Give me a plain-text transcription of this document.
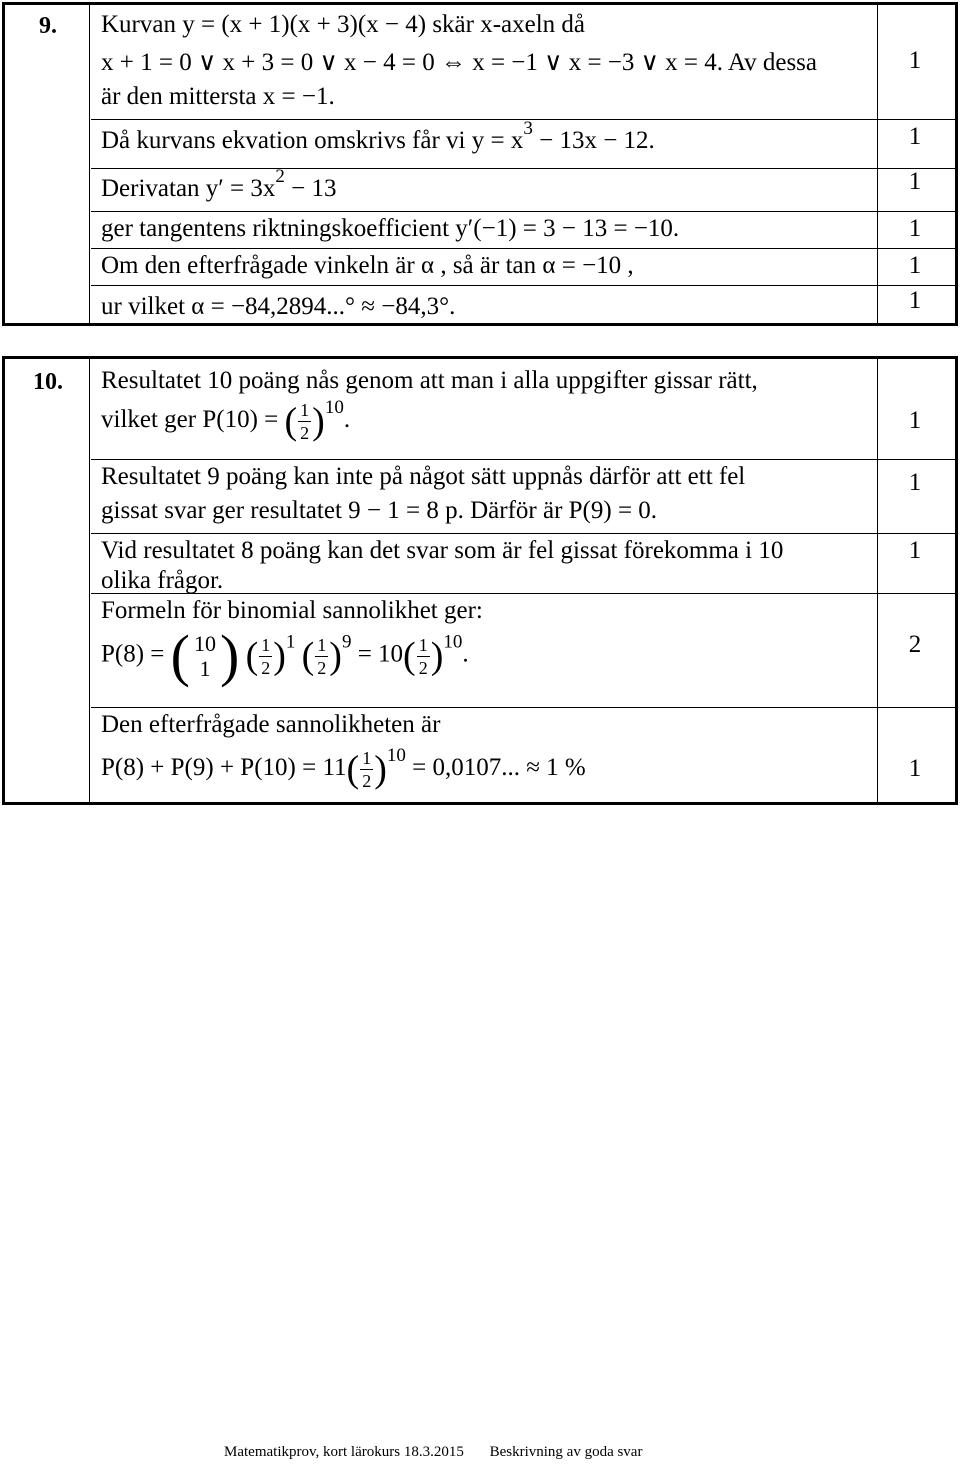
9.	Kurvan y = (x + 1)(x + 3)(x − 4) skär x-axeln då
x + 1 = 0 ∨ x + 3 = 0 ∨ x − 4 = 0 ⇔ x = −1 ∨ x = −3 ∨ x = 4. Av dessa
är den mittersta x = −1.
Då kurvans ekvation omskrivs får vi $y = x^3 - 13x - 12$.
Derivatan $y' = 3x^2 - 13$
ger tangentens riktningskoefficient y′(−1) = 3 − 13 = −10.
Om den efterfrågade vinkeln är α , så är tan α = −10 ,
ur vilket α = −84,2894...° ≈ −84,3°.
1
1
1
1
1
1
10.	Resultatet 10 poäng nås genom att man i alla uppgifter gissar rätt,
vilket ger P(10) = ( $\frac{1}{2} )^{10}$.
Resultatet 9 poäng kan inte på något sätt uppnås därför att ett fel
gissat svar ger resultatet 9 − 1 = 8 p. Därför är P(9) = 0.
Vid resultatet 8 poäng kan det svar som är fel gissat förekomma i 10
olika frågor.
Formeln för binomial sannolikhet ger:
P(8) = ( 10
1 ) ( $\frac{1}{2} )^1$ ( $\frac{1}{2} )^9 = 10( \frac{1}{2} )^{10}$.
Den efterfrågade sannolikheten är
$P(8) + P(9) + P(10) = 11( \frac{1}{2} )^{10} = 0,0107$... ≈ 1 %
1
1
1
2
1
Matematikprov, kort lärokurs 18.3.2015 Beskrivning av goda svar
